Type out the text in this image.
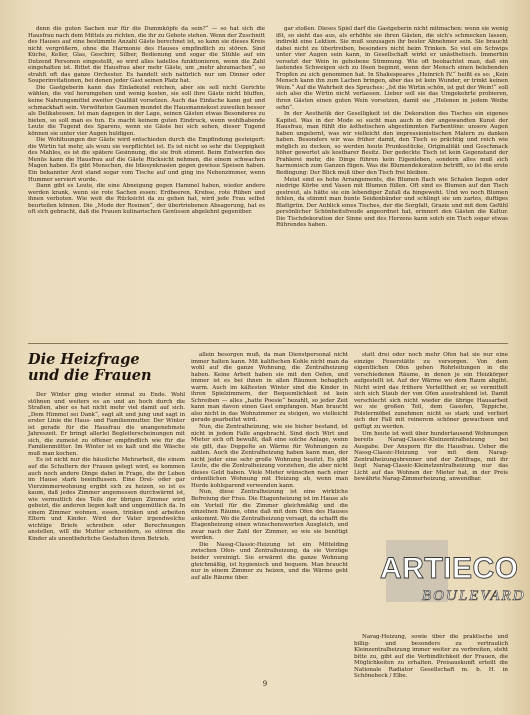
denn die guten Sachen nur für die Dummköpfe da sein?“ — so hat sich die Hausfrau nach dem Mittels zu richten, die ihr zu Gebote stehen. Wenn der Zuschnitt des Hauses auf eine bestimmte Anzahl Gäste berechnet ist, so kann sie dieses Kreis nicht vergrößern, ohne die Harmonie des Hauses empfindlich zu stören. Sind Küche, Keller, Glas, Geschirr, Silber, Bedienung und sogar die Stühle auf ein Dutzend Personen eingestellt, so wird alles tadellos funktionieren, wenn die Zahl eingehalten ist. Bittet die Hausfrau aber mehr Gäste, um „mehr abzumachen“, so strahlt oft das ganze Orchester. Es handelt sich natürlich nur um Dinner oder Souperinvitationen, bei denen jeder Gast seinen Platz hat.

Die Gastgeberin kann das Einladeziel reichen, aber sie soll nicht Gerichte wählen, die viel herumgehen und wenig kosten, sie soll ihre Gäste nicht bluffen, keine Nahrungsmittel zweiter Qualität vorsetzen. Auch das Einfache kann gut und schmackhaft sein. Verwöhnten Gaumen mundet die Hausmannskost zuweilen besser als Delikatessen. Ist man dagegen in der Lage, seinen Gästen etwas Besonderes zu bieten, so soll man es tun. Es macht keinem guten Eindruck, wenn wohlhabende Leute die Tugend des Sparens, wenn sie Gäste bei sich sehen, dieser Tugend können sie unter vier Augen huldigen.

Die Wohltuungen der Gäste wird entschieden durch die Empfindung gesteigert: die Wirtin tut mehr, als wozu sie verpflichtet ist. Es ist nicht so sehr die Ueppigkeit des Mahles, es ist die spätere Gesinnung, die sie froh stimmt. Beim Entwerfen des Menüs kann die Hausfrau auf die Gäste Rücksicht nehmen, die einem schwachen Magen haben. Es gibt Menschen, die Idiosynkrasien gegen gewisse Speisen haben. Ein bekannter Arzt stand sogar vom Tische auf und ging ins Nebenzimmer, wenn Hummer serviert wurde.

Dann gibt es Leute, die eine Abneigung gegen Hammel haben, wieder andere werden krank, wenn sie rote Sachen essen: Erdbeeren, Krebse, rote Rüben und ihnen verboten. Wie weit die Rücksicht da zu gehen hat, wird jede Frau selbst beurteilen können. Die „Mode der Rosinen“, der übertriebenen Absagerung, hat es oft sich gebracht, daß die Frauen kulinarischen Genüssen abgelehnt gegenüber.

gar stoßen. Dieses Spiel darf die Gastgeberin nicht mitmachen: wenn sie wenig ißt, so sieht das aus, als erhöhte sie ihren Gästen, die sich's schmecken lassen, indirekt eine Lektion. Sie muß sozusagen ihr bester Abnehmer sein. Sie braucht dabei nicht zu übertreiben, besonders nicht beim Trinken. So viel ein Schwips unter vier Augen sein kann, in Gesellschaft wirkt er unästhetisch. Immerhin versetzt der Wein in gehobene Stimmung. Wie oft beobachtet man, daß ein lastendes Schweigen sich zu lösen beginnt, wenn der Mensch einen belebenden Tropfen zu sich genommen hat. In Shakespeares „Heinrich IV.“ heißt es so: „Kein Mensch kann ihn zum Lachen bringen, aber das ist kein Wunder, er trinkt keinen Wein.“ Auf die Wahrheit des Spruches: „Ist die Wirtin schön, ist gut der Wein!“ soll sich also die Wirtin nicht verlassen. Lieber soll sie das Umgekehrte probieren, ihren Gästen einen guten Wein vorsetzen, damit sie „Helenen in jedem Weibe sehn“.

In der Aesthetik der Geselligkeit ist die Dekoration des Tisches ein eigenes Kapitel. Was in der Mode so sucht man auch in der angewandten Kunst der Hausfrau, man fühlt die ästhetischen abgestimmten Farbentöne: unsere Augen haben ungelernt, was wir vielleicht den impressionistischen Malern zu danken haben. Besonders wir was früher damit, den Tisch so prächtig und reich wie möglich zu decken, so werden heute Prunksstücke, Originalität und Geschmack höher gewertet als kostbarer Besitz. Der gedeckte Tisch ist kein Gegenstand der Prahlerei mehr, die Dinge führen kein Eigenleben, sondern alles muß sich harmonisch zum Ganzen fügen. Was die Blumendekoration betrifft, so ist die erste Bedingung: Der Blick muß über den Tisch frei bleiben.

Meist sind es hohe Arrangements, die Blumen flach wie Schalen liegen oder niedrige Körbe und Vasen mit Blumen füllen. Oft sind es Blumen auf den Tisch gestreut, als hätte sie ein lebendiger Zufall da hingeweht. Und wo noch Blumen fehlen, da stimmt man bunte Seidenbänder und schlingt sie um zartes, duftiges Blattgrün. Der Anblick eines Tisches, der die Sorgfalt, Grazie und mit dem Gefühl persönlicher Schönheitsfreude angeordnet hat, erinnert den Gästen die Kultur. Die Tischdekoration der Sinne und des Herzens kann solch ein Tisch sogar etwas Rührendes haben.

Die Heizfrage
und die Frauen

Der Winter ging wieder einmal zu Ende. Wohl stöhnen und weiters es an und an hoch durch die Straßen, aber es hat nicht mehr viel damit auf sich. „Dem Himmel sei Dank“, sagt alt und jung und sagt in erster Linie die Haus- und Familienmutter. Der Winter ist gerade für die Hausfrau die unangenehmste Jahreszeit. Er bringt allerlei Begleiterscheinungen mit sich, die zumeist zu offener empfindlich wie für die Familienmütter. Im Winter ist es kalt und die Wäsche muß man kochen.

Es ist nicht nur die häusliche Mehrarbeit, die einem auf die Schultern der Frauen gelegt wird, es kommen auch noch andere Dinge dabei in Frage, die ihr Leben im Hause stark beeinflussen. Eine Drei- oder gar Vierzimmerwohnung ergibt sich zu heizen, so ist es kaum, daß jedes Zimmer angemessen durchwärmt ist, wie vermutlich des Teils der übrigen Zimmer wird gebeizt, die anderen liegen kalt und ungemütlich da. In einem Zimmer wohnen, essen, trinken und arbeiten Eltern und Kinder. Wird der Vater irgendwelche wichtige Briefe schreiben oder Berechnungen anstellen, will die Mutter schneidern, so stören die Kinder als unentbehrliche Gestalten ihren Betrieb.

allein besorgen muß, da man Dienstpersonal nicht immer halten kann. Mit kalifischen Kohle nicht man da wohl auf die ganze Wohnung, die Zentralheizung haben. Keine Arbeit haben sie mit den Oefen, und immer ist es bei ihnen in allen Räumen behaglich warm. Auch im kältesten Winter sind die Kinder in ihren Spielzimmern, der Bequemlichkeit ist kein Schreiben — alles „hatte Poesie“ bezahlt, so jeder Zeit kann man davon einen Gast empfangen. Man braucht also nicht in das Wohnzimmer zu steigen, wo vielleicht gerade gearbeitet wird.

Nun, die Zentralheizung, wie sie bisher bestand, ist nicht in jedem Falle angebracht. Sind doch Wirt und Mieter sich oft bewußt, daß eine solche Anlage, wenn sie gilt, das Doppelte an Wärme für Wohnungen zu zahlen. Auch die Zentralheizung haben kann man, der nicht jeder eine sehr große Wohnung besitzt. Es gibt Leute, die die Zentralheizung vorziehen, die aber nicht dieses Geld haben. Viele Mieter wünschen nach einer ordentlichen Wohnung mit Heizung ab, wenn man Herde kohlsparend verwenden kann.

Nun, diese Zentralheizung ist eine wirkliche Befreiung der Frau. Die Etagenheizung ist im Hause als ein Vorteil für die Zimmer gleichmäßig und die einzelnen Räume, ohne daß mit dem Ofen des Hauses ankommt. Wo die Zentralheizung versagt, da schafft die Etagenheizung einen wünschenswerten Ausgleich, und zwar nach der Zahl der Zimmer, so wie sie benötigt werden.

Die Nassg-Classic-Heizung ist ein Mittelding zwischen Ofen- und Zentralheizung, da sie Vorzüge beider vereinigt. Sie erwärmt die ganze Wohnung gleichmäßig, ist hygienisch und bequem. Man braucht nur in einem Zimmer zu heizen, und die Wärme geht auf alle Räume über.

statt drei oder noch mehr Ofen hat sie nur eine einzige Feuerstätte zu versorgen. Von dem eigentlichen Ofen gehen Rohrleitungen in die verschiedenen Räume, in denen je ein Heizkörper aufgestellt ist. Auf der Wärme wo dem Raum abgibt. Nicht wird das frühere Verteiltheit er, so vermittelt sich sich Staub der von Ofen ausstrahlend ist. Damit verschlecht sich nicht wieder die übrige Hausarbeit wo sie großen Teil, dem Gasofen, Teppiche, Polstermöbel zunehmen nicht so stark und verliert sich der Fall mit reinerem schöner gewachsen und gefügt zu werden.

Um heute ist weit über hundertausend Wohnungen bereits Narag-Classic-Kleinzentralheizung bei Ausgabe. Der Ansporn für die Hausfrau. Ueber die Nassg-Classic-Heizung vor mit dem Narag-Zentralheizungsbrenner und der Zeitfrage, mit ihr liegt Narag-Classic-Kleinstzentralheizung nur das Licht auf das Wohnen der Mieter hat, in der Preis bewährte Narag-Zimmerheizung, anwendbar.

ARTIECO
BOULEVARD

Narag-Heizung, sowie über die praktische und billig- und besonders zu vertraulich Kleinzentralheizung immer weiter zu verbreiten, steht bitte zu, gibt auf die Verbindlichkeit der Frauen, die Möglichkeiten zu erhalten. Preisauskunft erteilt die Nationale Radiator Gesellschaft m. b. H. in Schönebeck / Elbe.

9
